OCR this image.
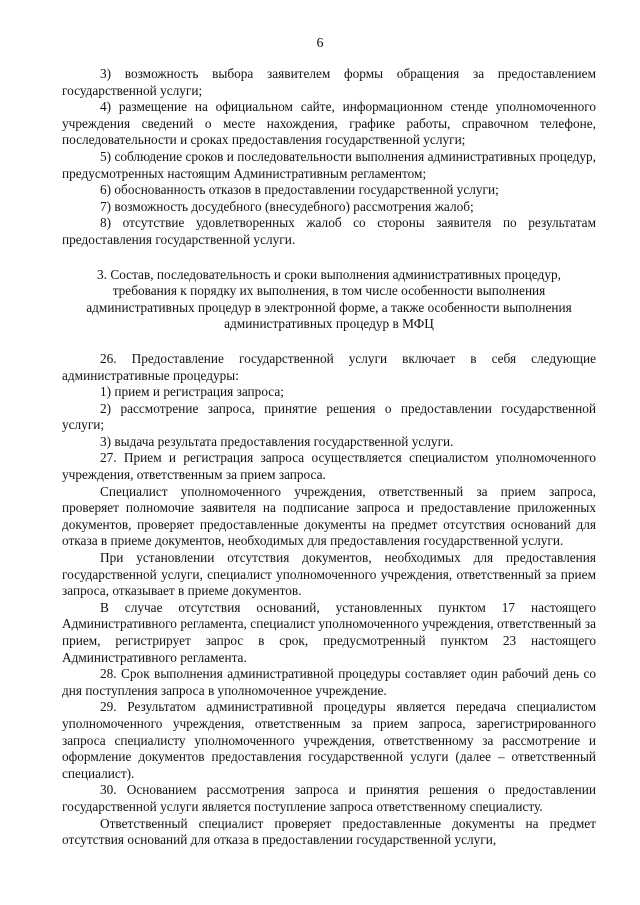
6

3) возможность выбора заявителем формы обращения за предоставлением государственной услуги;

4) размещение на официальном сайте, информационном стенде уполномоченного учреждения сведений о месте нахождения, графике работы, справочном телефоне, последовательности и сроках предоставления государственной услуги;

5) соблюдение сроков и последовательности выполнения административных процедур, предусмотренных настоящим Административным регламентом;

6) обоснованность отказов в предоставлении государственной услуги;

7) возможность досудебного (внесудебного) рассмотрения жалоб;

8) отсутствие удовлетворенных жалоб со стороны заявителя по результатам предоставления государственной услуги.

3. Состав, последовательность и сроки выполнения административных процедур, требования к порядку их выполнения, в том числе особенности выполнения административных процедур в электронной форме, а также особенности выполнения административных процедур в МФЦ

26. Предоставление государственной услуги включает в себя следующие административные процедуры:

1) прием и регистрация запроса;

2) рассмотрение запроса, принятие решения о предоставлении государственной услуги;

3) выдача результата предоставления государственной услуги.

27. Прием и регистрация запроса осуществляется специалистом уполномоченного учреждения, ответственным за прием запроса.

Специалист уполномоченного учреждения, ответственный за прием запроса, проверяет полномочие заявителя на подписание запроса и предоставление приложенных документов, проверяет предоставленные документы на предмет отсутствия оснований для отказа в приеме документов, необходимых для предоставления государственной услуги.

При установлении отсутствия документов, необходимых для предоставления государственной услуги, специалист уполномоченного учреждения, ответственный за прием запроса, отказывает в приеме документов.

В случае отсутствия оснований, установленных пунктом 17 настоящего Административного регламента, специалист уполномоченного учреждения, ответственный за прием, регистрирует запрос в срок, предусмотренный пунктом 23 настоящего Административного регламента.

28. Срок выполнения административной процедуры составляет один рабочий день со дня поступления запроса в уполномоченное учреждение.

29. Результатом административной процедуры является передача специалистом уполномоченного учреждения, ответственным за прием запроса, зарегистрированного запроса специалисту уполномоченного учреждения, ответственному за рассмотрение и оформление документов предоставления государственной услуги (далее – ответственный специалист).

30. Основанием рассмотрения запроса и принятия решения о предоставлении государственной услуги является поступление запроса ответственному специалисту.

Ответственный специалист проверяет предоставленные документы на предмет отсутствия оснований для отказа в предоставлении государственной услуги,
